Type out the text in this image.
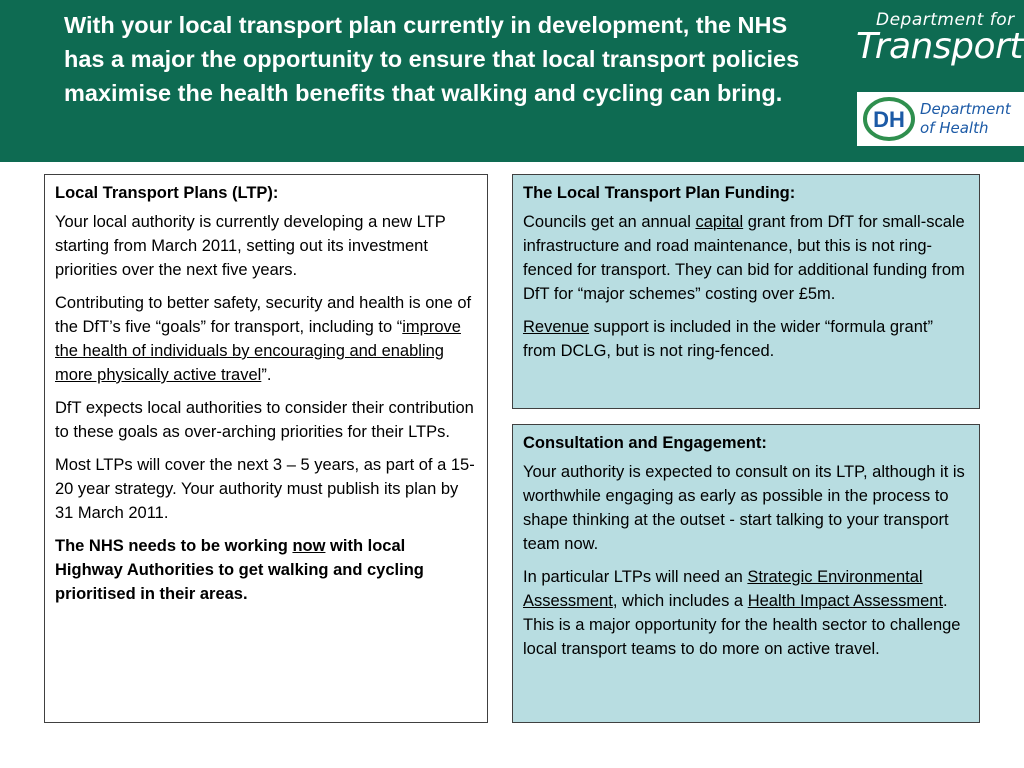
With your local transport plan currently in development, the NHS has a major the opportunity to ensure that local transport policies maximise the health benefits that walking and cycling can bring.
Department for
Transport
DH Department
of Health

Local Transport Plans (LTP):

Your local authority is currently developing a new LTP starting from March 2011, setting out its investment priorities over the next five years.

Contributing to better safety, security and health is one of the DfT’s five “goals” for transport, including to “improve the health of individuals by encouraging and enabling more physically active travel”.

DfT expects local authorities to consider their contribution to these goals as over-arching priorities for their LTPs.

Most LTPs will cover the next 3 – 5 years, as part of a 15-20 year strategy. Your authority must publish its plan by 31 March 2011.

The NHS needs to be working now with local Highway Authorities to get walking and cycling prioritised in their areas.

The Local Transport Plan Funding:

Councils get an annual capital grant from DfT for small-scale infrastructure and road maintenance, but this is not ring-fenced for transport. They can bid for additional funding from DfT for “major schemes” costing over £5m.

Revenue support is included in the wider “formula grant” from DCLG, but is not ring-fenced.

Consultation and Engagement:

Your authority is expected to consult on its LTP, although it is worthwhile engaging as early as possible in the process to shape thinking at the outset - start talking to your transport team now.

In particular LTPs will need an Strategic Environmental Assessment, which includes a Health Impact Assessment. This is a major opportunity for the health sector to challenge local transport teams to do more on active travel.
